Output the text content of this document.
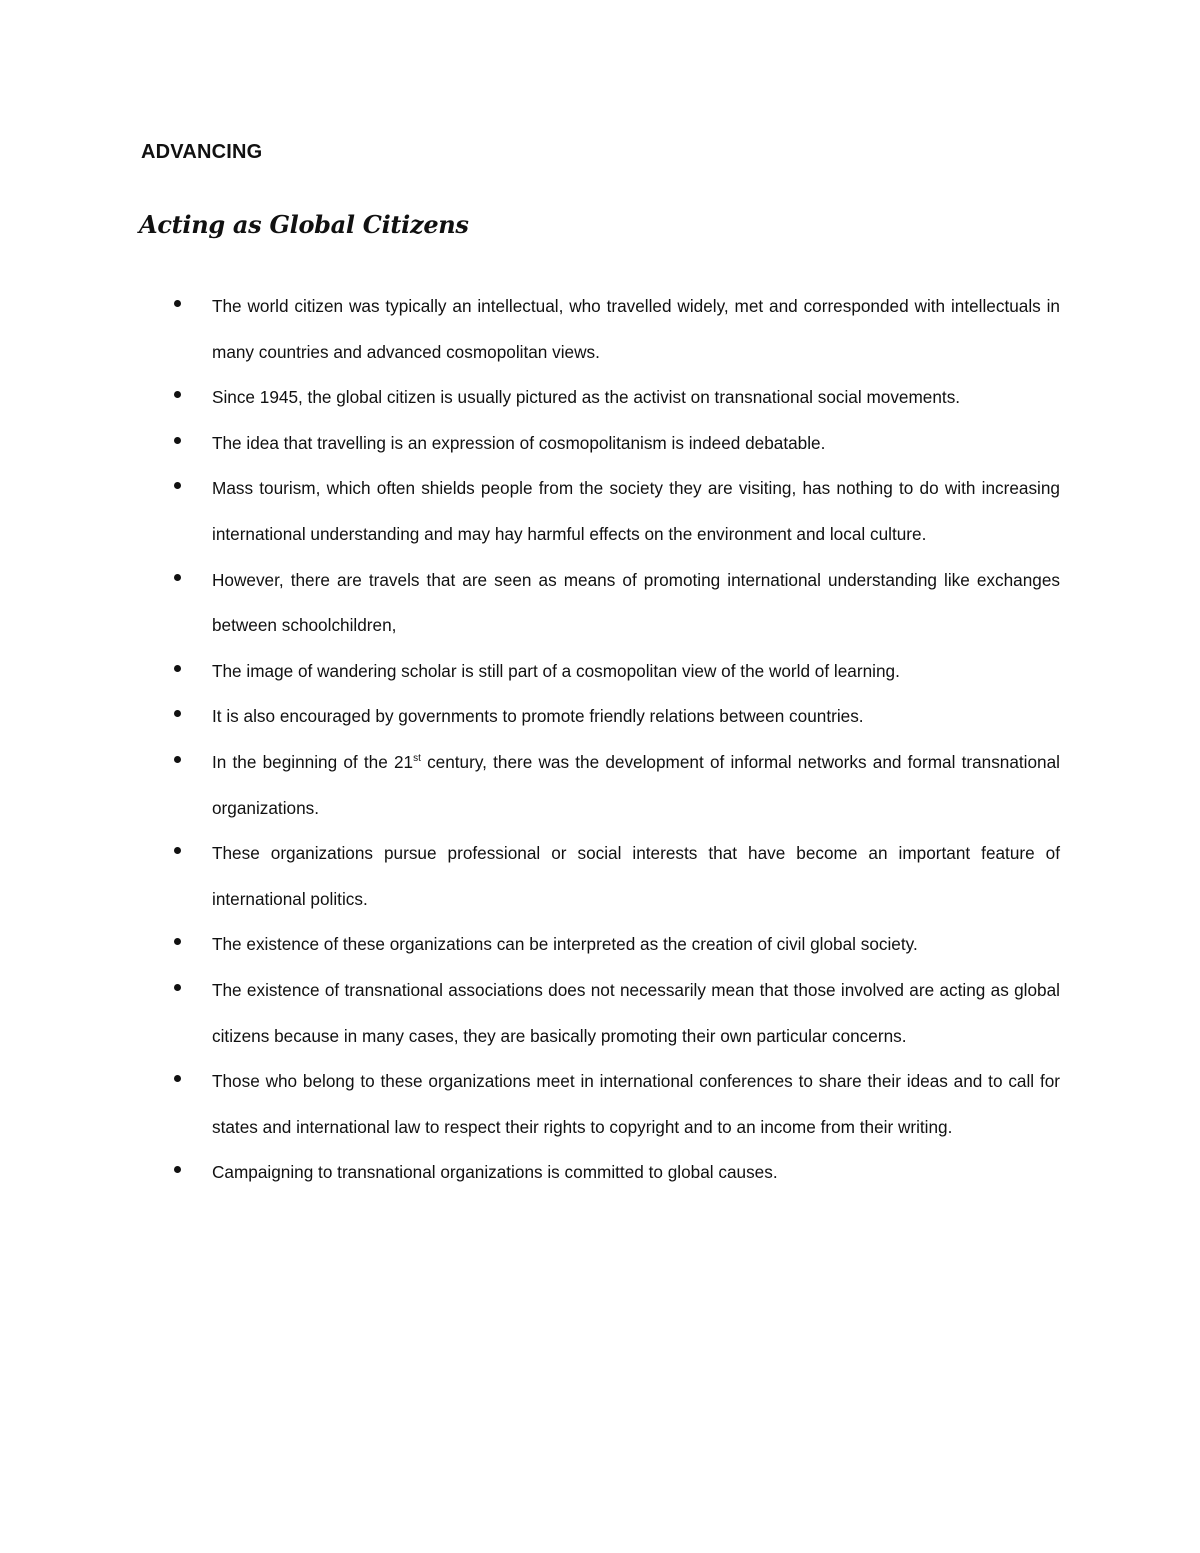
ADVANCING
Acting as Global Citizens
The world citizen was typically an intellectual, who travelled widely, met and corresponded with intellectuals in many countries and advanced cosmopolitan views.
Since 1945, the global citizen is usually pictured as the activist on transnational social movements.
The idea that travelling is an expression of cosmopolitanism is indeed debatable.
Mass tourism, which often shields people from the society they are visiting, has nothing to do with increasing international understanding and may hay harmful effects on the environment and local culture.
However, there are travels that are seen as means of promoting international understanding like exchanges between schoolchildren,
The image of wandering scholar is still part of a cosmopolitan view of the world of learning.
It is also encouraged by governments to promote friendly relations between countries.
In the beginning of the 21st century, there was the development of informal networks and formal transnational organizations.
These organizations pursue professional or social interests that have become an important feature of international politics.
The existence of these organizations can be interpreted as the creation of civil global society.
The existence of transnational associations does not necessarily mean that those involved are acting as global citizens because in many cases, they are basically promoting their own particular concerns.
Those who belong to these organizations meet in international conferences to share their ideas and to call for states and international law to respect their rights to copyright and to an income from their writing.
Campaigning to transnational organizations is committed to global causes.
